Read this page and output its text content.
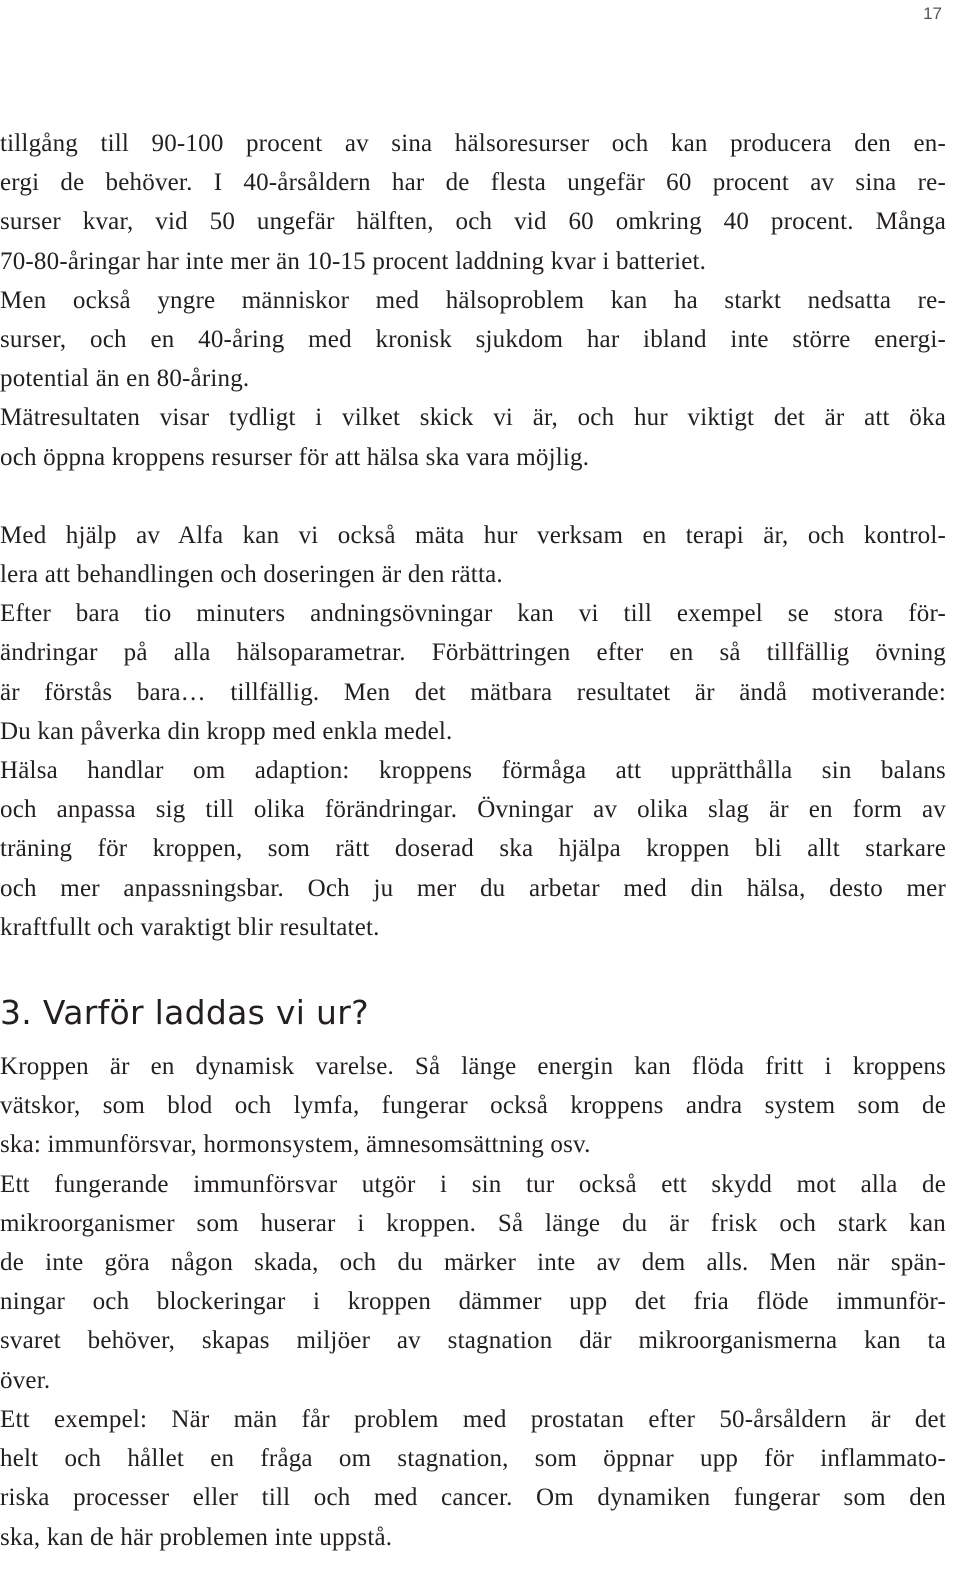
17
tillgång till 90-100 procent av sina hälsoresurser och kan producera den en-
ergi de behöver. I 40-årsåldern har de flesta ungefär 60 procent av sina re-
surser kvar, vid 50 ungefär hälften, och vid 60 omkring 40 procent. Många
70-80-åringar har inte mer än 10-15 procent laddning kvar i batteriet.
Men också yngre människor med hälsoproblem kan ha starkt nedsatta re-
surser, och en 40-åring med kronisk sjukdom har ibland inte större energi-
potential än en 80-åring.
Mätresultaten visar tydligt i vilket skick vi är, och hur viktigt det är att öka
och öppna kroppens resurser för att hälsa ska vara möjlig.
Med hjälp av Alfa kan vi också mäta hur verksam en terapi är, och kontrol-
lera att behandlingen och doseringen är den rätta.
Efter bara tio minuters andningsövningar kan vi till exempel se stora för-
ändringar på alla hälsoparametrar. Förbättringen efter en så tillfällig övning
är förstås bara… tillfällig. Men det mätbara resultatet är ändå motiverande:
Du kan påverka din kropp med enkla medel.
Hälsa handlar om adaption: kroppens förmåga att upprätthålla sin balans
och anpassa sig till olika förändringar. Övningar av olika slag är en form av
träning för kroppen, som rätt doserad ska hjälpa kroppen bli allt starkare
och mer anpassningsbar. Och ju mer du arbetar med din hälsa, desto mer
kraftfullt och varaktigt blir resultatet.
3. Varför laddas vi ur?
Kroppen är en dynamisk varelse. Så länge energin kan flöda fritt i kroppens
vätskor, som blod och lymfa, fungerar också kroppens andra system som de
ska: immunförsvar, hormonsystem, ämnesomsättning osv.
Ett fungerande immunförsvar utgör i sin tur också ett skydd mot alla de
mikroorganismer som huserar i kroppen. Så länge du är frisk och stark kan
de inte göra någon skada, och du märker inte av dem alls. Men när spän-
ningar och blockeringar i kroppen dämmer upp det fria flöde immunför-
svaret behöver, skapas miljöer av stagnation där mikroorganismerna kan ta
över.
Ett exempel: När män får problem med prostatan efter 50-årsåldern är det
helt och hållet en fråga om stagnation, som öppnar upp för inflammato-
riska processer eller till och med cancer. Om dynamiken fungerar som den
ska, kan de här problemen inte uppstå.
